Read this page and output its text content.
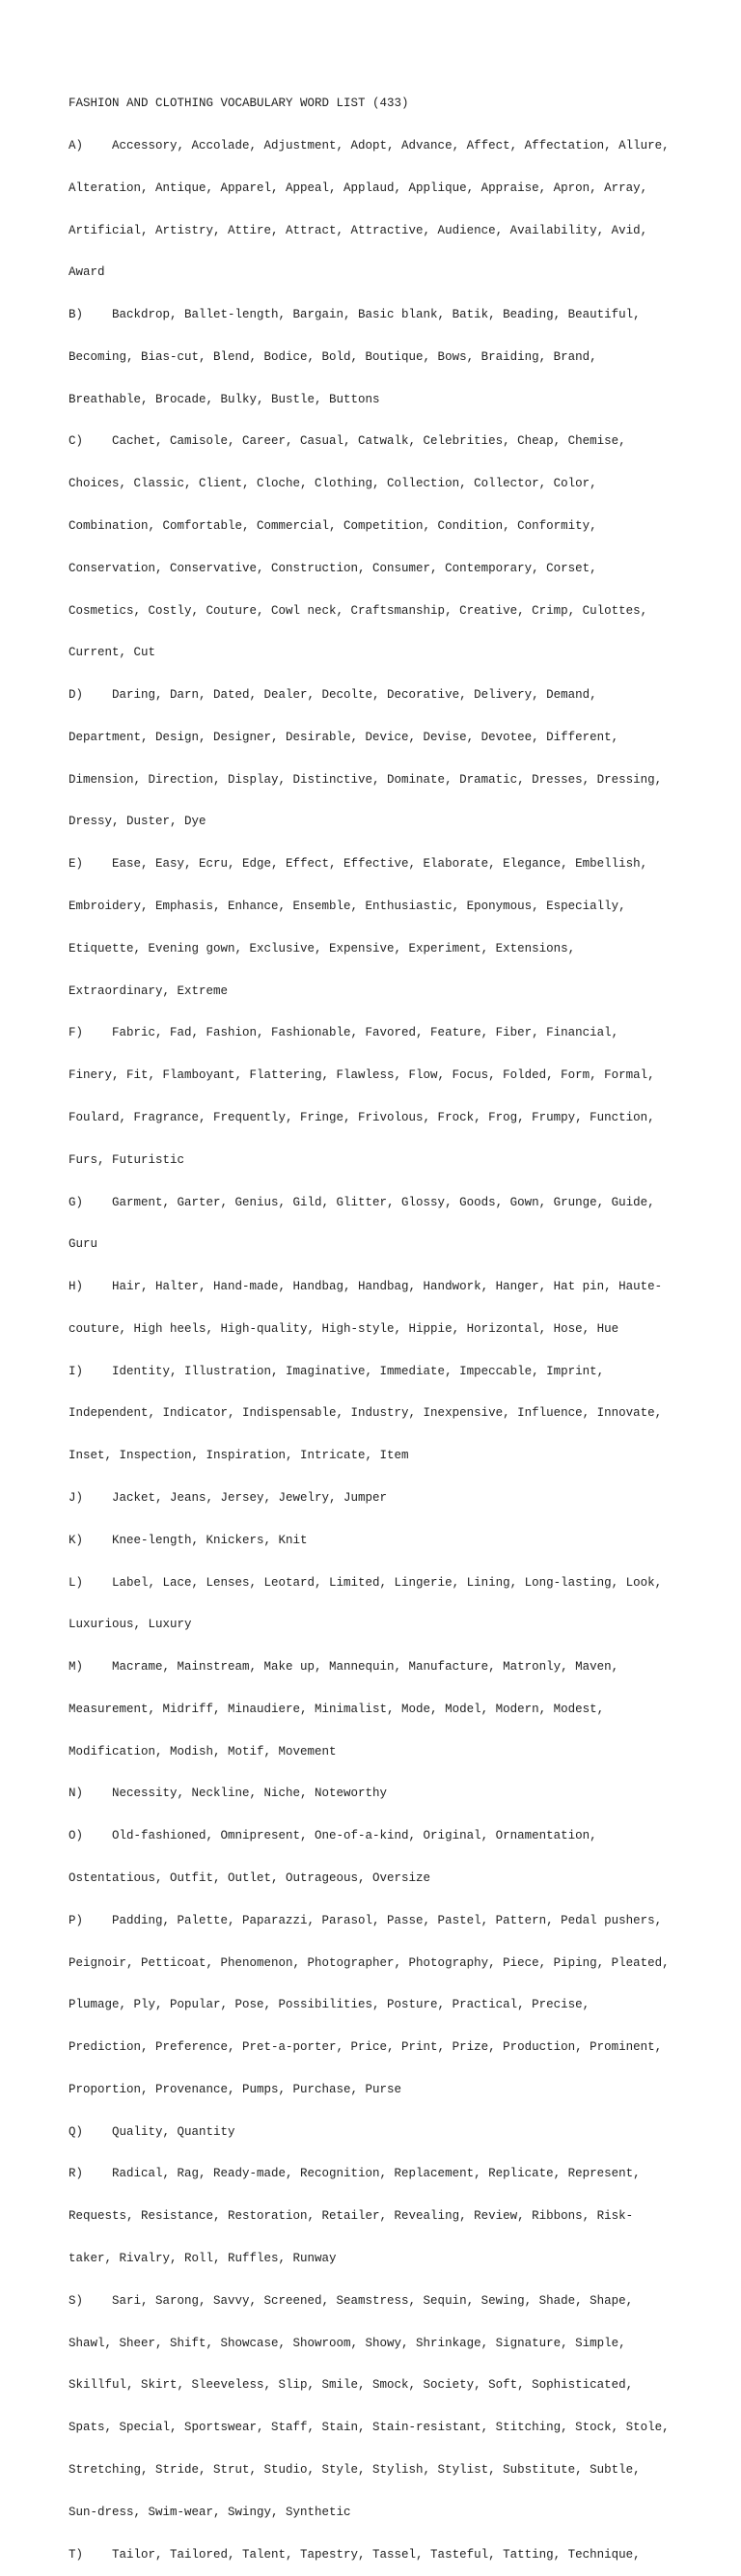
FASHION AND CLOTHING VOCABULARY WORD LIST (433)

A)    Accessory, Accolade, Adjustment, Adopt, Advance, Affect, Affectation, Allure,

Alteration, Antique, Apparel, Appeal, Applaud, Applique, Appraise, Apron, Array,

Artificial, Artistry, Attire, Attract, Attractive, Audience, Availability, Avid,

Award

B)    Backdrop, Ballet-length, Bargain, Basic blank, Batik, Beading, Beautiful,

Becoming, Bias-cut, Blend, Bodice, Bold, Boutique, Bows, Braiding, Brand,

Breathable, Brocade, Bulky, Bustle, Buttons

C)    Cachet, Camisole, Career, Casual, Catwalk, Celebrities, Cheap, Chemise,

Choices, Classic, Client, Cloche, Clothing, Collection, Collector, Color,

Combination, Comfortable, Commercial, Competition, Condition, Conformity,

Conservation, Conservative, Construction, Consumer, Contemporary, Corset,

Cosmetics, Costly, Couture, Cowl neck, Craftsmanship, Creative, Crimp, Culottes,

Current, Cut

D)    Daring, Darn, Dated, Dealer, Decolte, Decorative, Delivery, Demand,

Department, Design, Designer, Desirable, Device, Devise, Devotee, Different,

Dimension, Direction, Display, Distinctive, Dominate, Dramatic, Dresses, Dressing,

Dressy, Duster, Dye

E)    Ease, Easy, Ecru, Edge, Effect, Effective, Elaborate, Elegance, Embellish,

Embroidery, Emphasis, Enhance, Ensemble, Enthusiastic, Eponymous, Especially,

Etiquette, Evening gown, Exclusive, Expensive, Experiment, Extensions,

Extraordinary, Extreme

F)    Fabric, Fad, Fashion, Fashionable, Favored, Feature, Fiber, Financial,

Finery, Fit, Flamboyant, Flattering, Flawless, Flow, Focus, Folded, Form, Formal,

Foulard, Fragrance, Frequently, Fringe, Frivolous, Frock, Frog, Frumpy, Function,

Furs, Futuristic

G)    Garment, Garter, Genius, Gild, Glitter, Glossy, Goods, Gown, Grunge, Guide,

Guru

H)    Hair, Halter, Hand-made, Handbag, Handbag, Handwork, Hanger, Hat pin, Haute-

couture, High heels, High-quality, High-style, Hippie, Horizontal, Hose, Hue

I)    Identity, Illustration, Imaginative, Immediate, Impeccable, Imprint,

Independent, Indicator, Indispensable, Industry, Inexpensive, Influence, Innovate,

Inset, Inspection, Inspiration, Intricate, Item

J)    Jacket, Jeans, Jersey, Jewelry, Jumper

K)    Knee-length, Knickers, Knit

L)    Label, Lace, Lenses, Leotard, Limited, Lingerie, Lining, Long-lasting, Look,

Luxurious, Luxury

M)    Macrame, Mainstream, Make up, Mannequin, Manufacture, Matronly, Maven,

Measurement, Midriff, Minaudiere, Minimalist, Mode, Model, Modern, Modest,

Modification, Modish, Motif, Movement

N)    Necessity, Neckline, Niche, Noteworthy

O)    Old-fashioned, Omnipresent, One-of-a-kind, Original, Ornamentation,

Ostentatious, Outfit, Outlet, Outrageous, Oversize

P)    Padding, Palette, Paparazzi, Parasol, Passe, Pastel, Pattern, Pedal pushers,

Peignoir, Petticoat, Phenomenon, Photographer, Photography, Piece, Piping, Pleated,

Plumage, Ply, Popular, Pose, Possibilities, Posture, Practical, Precise,

Prediction, Preference, Pret-a-porter, Price, Print, Prize, Production, Prominent,

Proportion, Provenance, Pumps, Purchase, Purse

Q)    Quality, Quantity

R)    Radical, Rag, Ready-made, Recognition, Replacement, Replicate, Represent,

Requests, Resistance, Restoration, Retailer, Revealing, Review, Ribbons, Risk-

taker, Rivalry, Roll, Ruffles, Runway

S)    Sari, Sarong, Savvy, Screened, Seamstress, Sequin, Sewing, Shade, Shape,

Shawl, Sheer, Shift, Showcase, Showroom, Showy, Shrinkage, Signature, Simple,

Skillful, Skirt, Sleeveless, Slip, Smile, Smock, Society, Soft, Sophisticated,

Spats, Special, Sportswear, Staff, Stain, Stain-resistant, Stitching, Stock, Stole,

Stretching, Stride, Strut, Studio, Style, Stylish, Stylist, Substitute, Subtle,

Sun-dress, Swim-wear, Swingy, Synthetic

T)    Tailor, Tailored, Talent, Tapestry, Tassel, Tasteful, Tatting, Technique,
